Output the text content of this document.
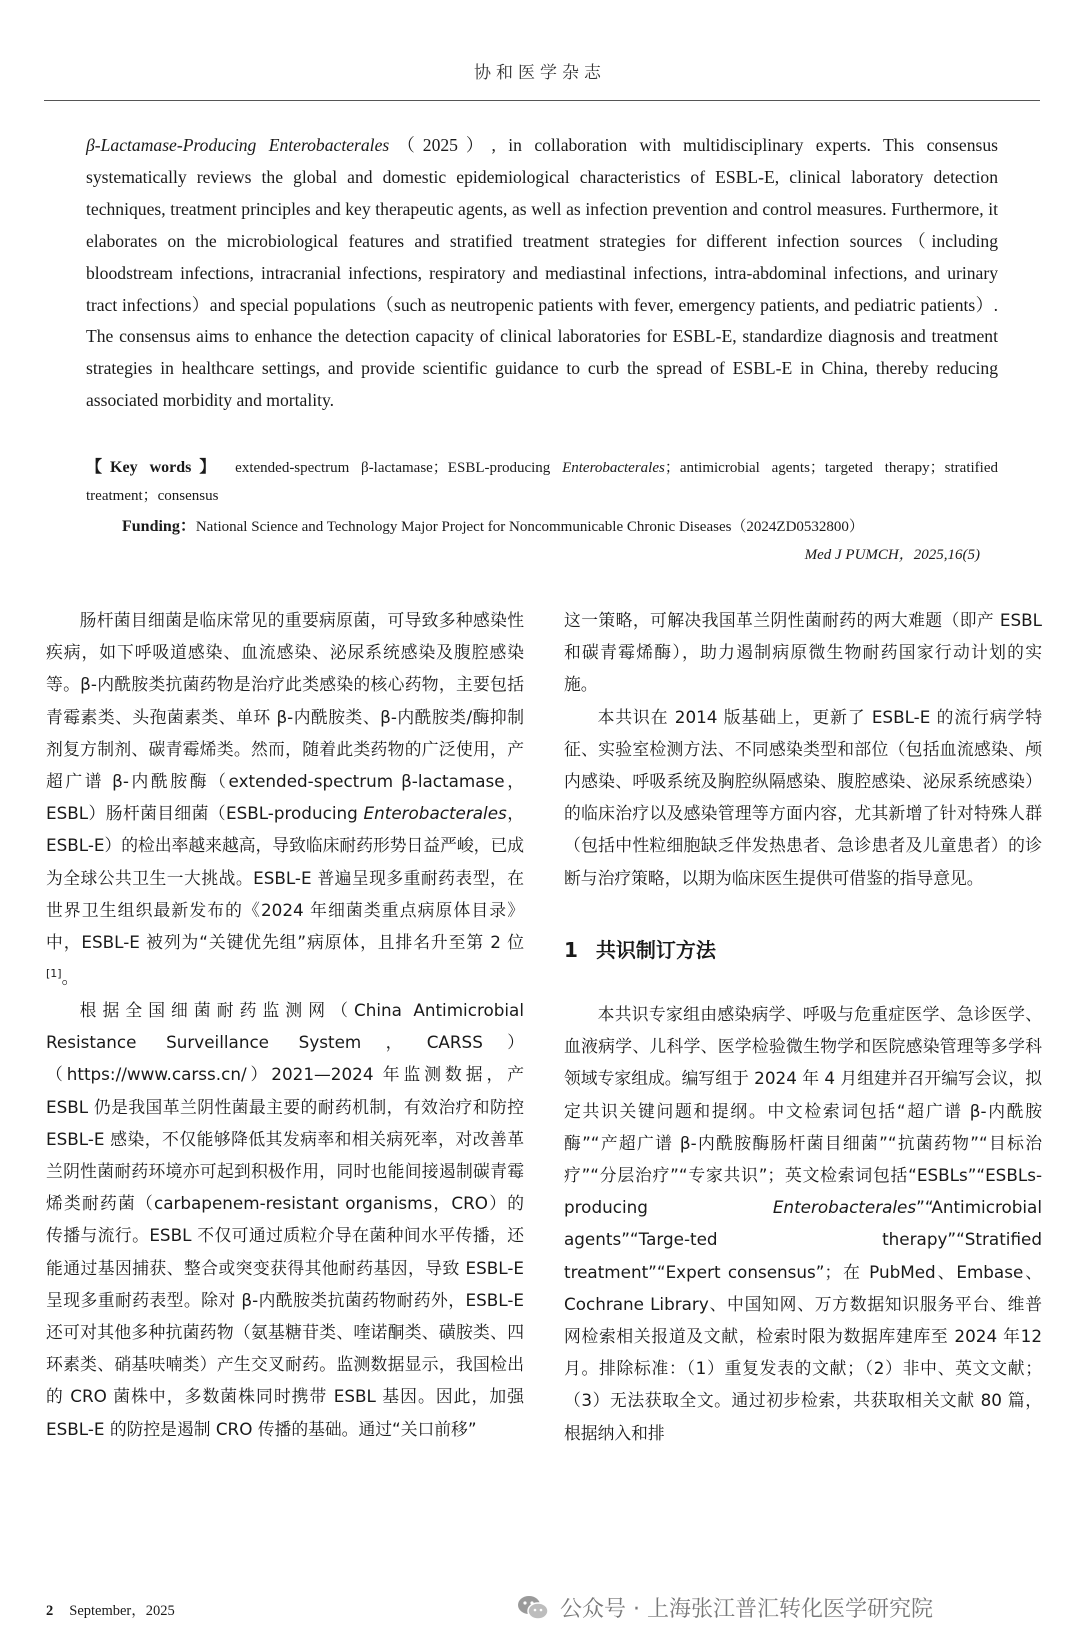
协和医学杂志

β-Lactamase-Producing Enterobacterales（2025）, in collaboration with multidisciplinary experts. This consensus systematically reviews the global and domestic epidemiological characteristics of ESBL-E, clinical laboratory detection techniques, treatment principles and key therapeutic agents, as well as infection prevention and control measures. Furthermore, it elaborates on the microbiological features and stratified treatment strategies for different infection sources（including bloodstream infections, intracranial infections, respiratory and mediastinal infections, intra-abdominal infections, and urinary tract infections）and special populations（such as neutropenic patients with fever, emergency patients, and pediatric patients）. The consensus aims to enhance the detection capacity of clinical laboratories for ESBL-E, standardize diagnosis and treatment strategies in healthcare settings, and provide scientific guidance to curb the spread of ESBL-E in China, thereby reducing associated morbidity and mortality.

【Key words】 extended-spectrum β-lactamase；ESBL-producing Enterobacterales；antimicrobial agents；targeted therapy；stratified treatment；consensus

Funding：National Science and Technology Major Project for Noncommunicable Chronic Diseases（2024ZD0532800）

Med J PUMCH，2025,16(5)

肠杆菌目细菌是临床常见的重要病原菌，可导致多种感染性疾病，如下呼吸道感染、血流感染、泌尿系统感染及腹腔感染等。β-内酰胺类抗菌药物是治疗此类感染的核心药物，主要包括青霉素类、头孢菌素类、单环 β-内酰胺类、β-内酰胺类/酶抑制剂复方制剂、碳青霉烯类。然而，随着此类药物的广泛使用，产超广谱 β-内酰胺酶（extended-spectrum β-lactamase，ESBL）肠杆菌目细菌（ESBL-producing Enterobacterales，ESBL-E）的检出率越来越高，导致临床耐药形势日益严峻，已成为全球公共卫生一大挑战。ESBL-E 普遍呈现多重耐药表型，在世界卫生组织最新发布的《2024 年细菌类重点病原体目录》中，ESBL-E 被列为“关键优先组”病原体，且排名升至第 2 位[1]。

根据全国细菌耐药监测网（China Antimicrobial Resistance Surveillance System，CARSS）（https://www.carss.cn/）2021—2024 年监测数据，产 ESBL 仍是我国革兰阴性菌最主要的耐药机制，有效治疗和防控 ESBL-E 感染，不仅能够降低其发病率和相关病死率，对改善革兰阴性菌耐药环境亦可起到积极作用，同时也能间接遏制碳青霉烯类耐药菌（carbapenem-resistant organisms，CRO）的传播与流行。ESBL 不仅可通过质粒介导在菌种间水平传播，还能通过基因捕获、整合或突变获得其他耐药基因，导致 ESBL-E 呈现多重耐药表型。除对 β-内酰胺类抗菌药物耐药外，ESBL-E 还可对其他多种抗菌药物（氨基糖苷类、喹诺酮类、磺胺类、四环素类、硝基呋喃类）产生交叉耐药。监测数据显示，我国检出的 CRO 菌株中，多数菌株同时携带 ESBL 基因。因此，加强 ESBL-E 的防控是遏制 CRO 传播的基础。通过“关口前移”

这一策略，可解决我国革兰阴性菌耐药的两大难题（即产 ESBL 和碳青霉烯酶），助力遏制病原微生物耐药国家行动计划的实施。

本共识在 2014 版基础上，更新了 ESBL-E 的流行病学特征、实验室检测方法、不同感染类型和部位（包括血流感染、颅内感染、呼吸系统及胸腔纵隔感染、腹腔感染、泌尿系统感染）的临床治疗以及感染管理等方面内容，尤其新增了针对特殊人群（包括中性粒细胞缺乏伴发热患者、急诊患者及儿童患者）的诊断与治疗策略，以期为临床医生提供可借鉴的指导意见。

1 共识制订方法

本共识专家组由感染病学、呼吸与危重症医学、急诊医学、血液病学、儿科学、医学检验微生物学和医院感染管理等多学科领域专家组成。编写组于 2024 年 4 月组建并召开编写会议，拟定共识关键问题和提纲。中文检索词包括“超广谱 β-内酰胺酶”“产超广谱 β-内酰胺酶肠杆菌目细菌”“抗菌药物”“目标治疗”“分层治疗”“专家共识”；英文检索词包括“ESBLs”“ESBLs-producing Enterobacterales”“Antimicrobial agents”“Targe-ted therapy”“Stratified treatment”“Expert consensus”；在 PubMed、Embase、Cochrane Library、中国知网、万方数据知识服务平台、维普网检索相关报道及文献，检索时限为数据库建库至 2024 年12 月。排除标准：（1）重复发表的文献；（2）非中、英文文献；（3）无法获取全文。通过初步检索，共获取相关文献 80 篇，根据纳入和排

2 September，2025	公众号 · 上海张江普汇转化医学研究院
